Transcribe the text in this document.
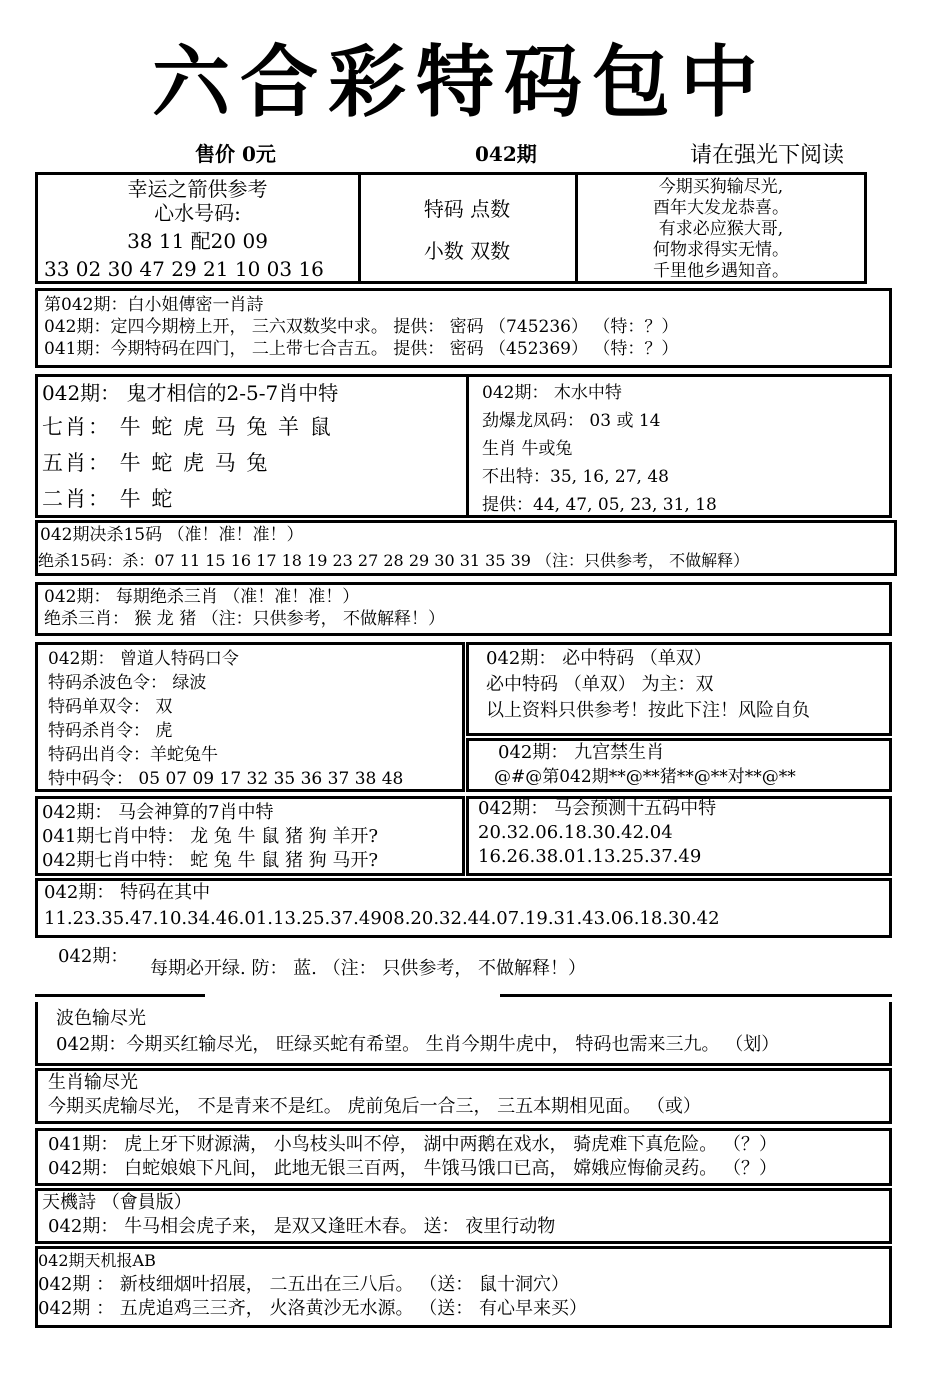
六合彩特码包中
售价 0元	042期	请在强光下阅读
幸运之箭供参考
心水号码:
38 11 配20 09
33 02 30 47 29 21 10 03 16
特码 点数
小数 双数
今期买狗输尽光,
酉年大发龙恭喜。
有求必应猴大哥,
何物求得实无情。
千里他乡遇知音。
第042期：白小姐傳密一肖詩
042期：定四今期榜上开， 三六双数奖中求。 提供： 密码 （745236） （特：？）
041期：今期特码在四门， 二上带七合吉五。 提供： 密码 （452369） （特：？）
042期： 鬼才相信的2-5-7肖中特
七肖： 牛 蛇 虎 马 兔 羊 鼠
五肖： 牛 蛇 虎 马 兔
二肖： 牛 蛇
042期： 木水中特
劲爆龙凤码： 03 或 14
生肖 牛或兔
不出特：35, 16, 27, 48
提供：44, 47, 05, 23, 31, 18
042期决杀15码 （准！准！准！）
绝杀15码：杀：07 11 15 16 17 18 19 23 27 28 29 30 31 35 39 （注：只供参考， 不做解释）
042期： 每期绝杀三肖 （准！准！准！）
绝杀三肖： 猴 龙 猪 （注：只供参考， 不做解释！）
042期： 曾道人特码口令
特码杀波色令： 绿波
特码单双令： 双
特码杀肖令： 虎
特码出肖令：羊蛇兔牛
特中码令： 05 07 09 17 32 35 36 37 38 48
042期： 必中特码 （单双）
必中特码 （单双） 为主：双
以上资料只供参考！按此下注！风险自负
042期： 九宫禁生肖
@#@第042期**@**猪**@**对**@**
042期： 马会神算的7肖中特
041期七肖中特： 龙 兔 牛 鼠 猪 狗 羊开?
042期七肖中特： 蛇 兔 牛 鼠 猪 狗 马开?
042期： 马会预测十五码中特
20.32.06.18.30.42.04
16.26.38.01.13.25.37.49
042期： 特码在其中
11.23.35.47.10.34.46.01.13.25.37.4908.20.32.44.07.19.31.43.06.18.30.42
042期：
每期必开绿. 防： 蓝. （注： 只供参考， 不做解释！）
波色输尽光
042期：今期买红输尽光， 旺绿买蛇有希望。 生肖今期牛虎中， 特码也需来三九。 （划）
生肖输尽光
今期买虎输尽光， 不是青来不是红。 虎前兔后一合三， 三五本期相见面。 （或）
041期： 虎上牙下财源满， 小鸟枝头叫不停， 湖中两鹅在戏水， 骑虎难下真危险。 （？）
042期： 白蛇娘娘下凡间， 此地无银三百两， 牛饿马饿口已高， 嫦娥应悔偷灵药。 （？）
天機詩 （會員版）
042期： 牛马相会虎子来， 是双又逢旺木春。 送： 夜里行动物
042期天机报AB
042期 ： 新枝细烟叶招展， 二五出在三八后。 （送： 鼠十洞穴）
042期 ： 五虎追鸡三三齐， 火洛黄沙无水源。 （送： 有心早来买）
